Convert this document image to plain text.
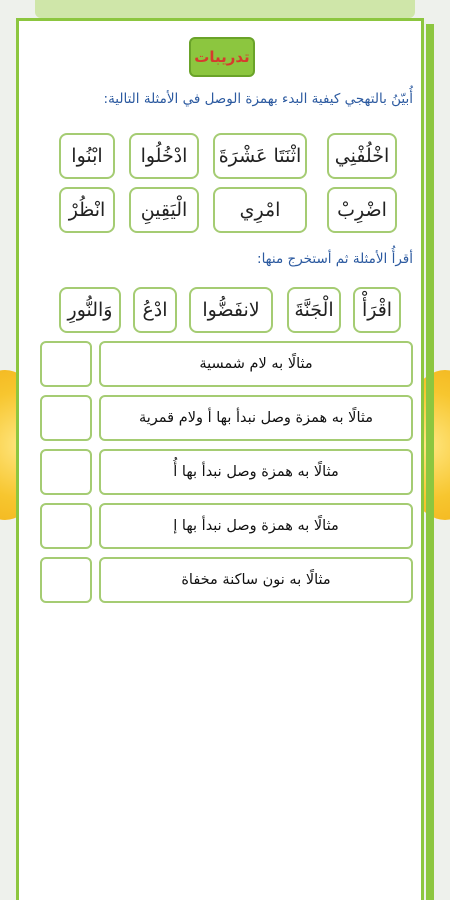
تدريبات
أُبيّنُ بالتهجي كيفية البدء بهمزة الوصل في الأمثلة التالية:
اخْلُفْنِي
اثْنَتَا عَشْرَةَ
ادْخُلُوا
ابْنُوا
اضْرِبْ
امْرِي
الْيَقِينِ
انْظُرْ
أقرأُ الأمثلة ثم أستخرج منها:
اقْرَأْ
الْجَنَّةَ
لانفَضُّوا
ادْعُ
وَالنُّورِ
مثالًا به لام شمسية
مثالًا به همزة وصل نبدأ بها أ ولام قمرية
مثالًا به همزة وصل نبدأ بها أُ
مثالًا به همزة وصل نبدأ بها إ
مثالًا به نون ساكنة مخفاة
